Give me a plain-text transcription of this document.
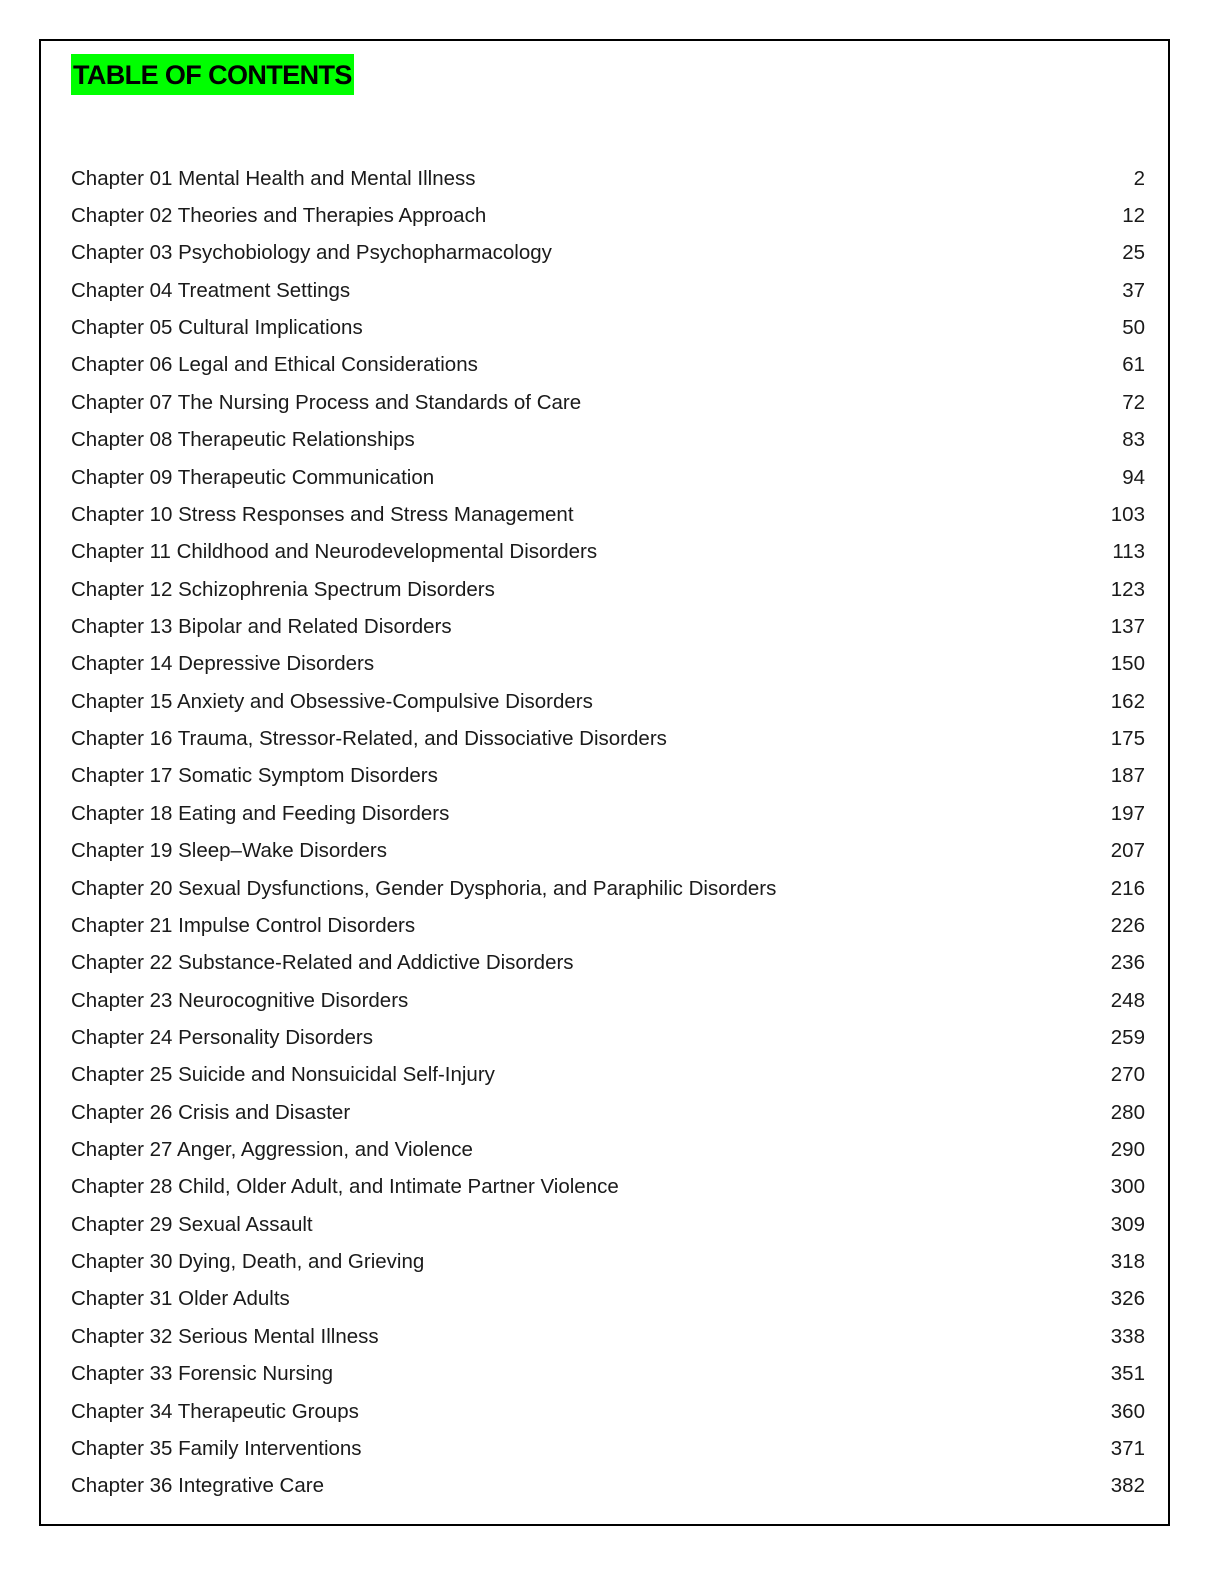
TABLE OF CONTENTS
Chapter 01 Mental Health and Mental Illness	2
Chapter 02 Theories and Therapies Approach	12
Chapter 03 Psychobiology and Psychopharmacology	25
Chapter 04 Treatment Settings	37
Chapter 05 Cultural Implications	50
Chapter 06 Legal and Ethical Considerations	61
Chapter 07 The Nursing Process and Standards of Care	72
Chapter 08 Therapeutic Relationships	83
Chapter 09 Therapeutic Communication	94
Chapter 10 Stress Responses and Stress Management	103
Chapter 11 Childhood and Neurodevelopmental Disorders	113
Chapter 12 Schizophrenia Spectrum Disorders	123
Chapter 13 Bipolar and Related Disorders	137
Chapter 14 Depressive Disorders	150
Chapter 15 Anxiety and Obsessive-Compulsive Disorders	162
Chapter 16 Trauma, Stressor-Related, and Dissociative Disorders	175
Chapter 17 Somatic Symptom Disorders	187
Chapter 18 Eating and Feeding Disorders	197
Chapter 19 Sleep–Wake Disorders	207
Chapter 20 Sexual Dysfunctions, Gender Dysphoria, and Paraphilic Disorders	216
Chapter 21 Impulse Control Disorders	226
Chapter 22 Substance-Related and Addictive Disorders	236
Chapter 23 Neurocognitive Disorders	248
Chapter 24 Personality Disorders	259
Chapter 25 Suicide and Nonsuicidal Self-Injury	270
Chapter 26 Crisis and Disaster	280
Chapter 27 Anger, Aggression, and Violence	290
Chapter 28 Child, Older Adult, and Intimate Partner Violence	300
Chapter 29 Sexual Assault	309
Chapter 30 Dying, Death, and Grieving	318
Chapter 31 Older Adults	326
Chapter 32 Serious Mental Illness	338
Chapter 33 Forensic Nursing	351
Chapter 34 Therapeutic Groups	360
Chapter 35 Family Interventions	371
Chapter 36 Integrative Care	382
